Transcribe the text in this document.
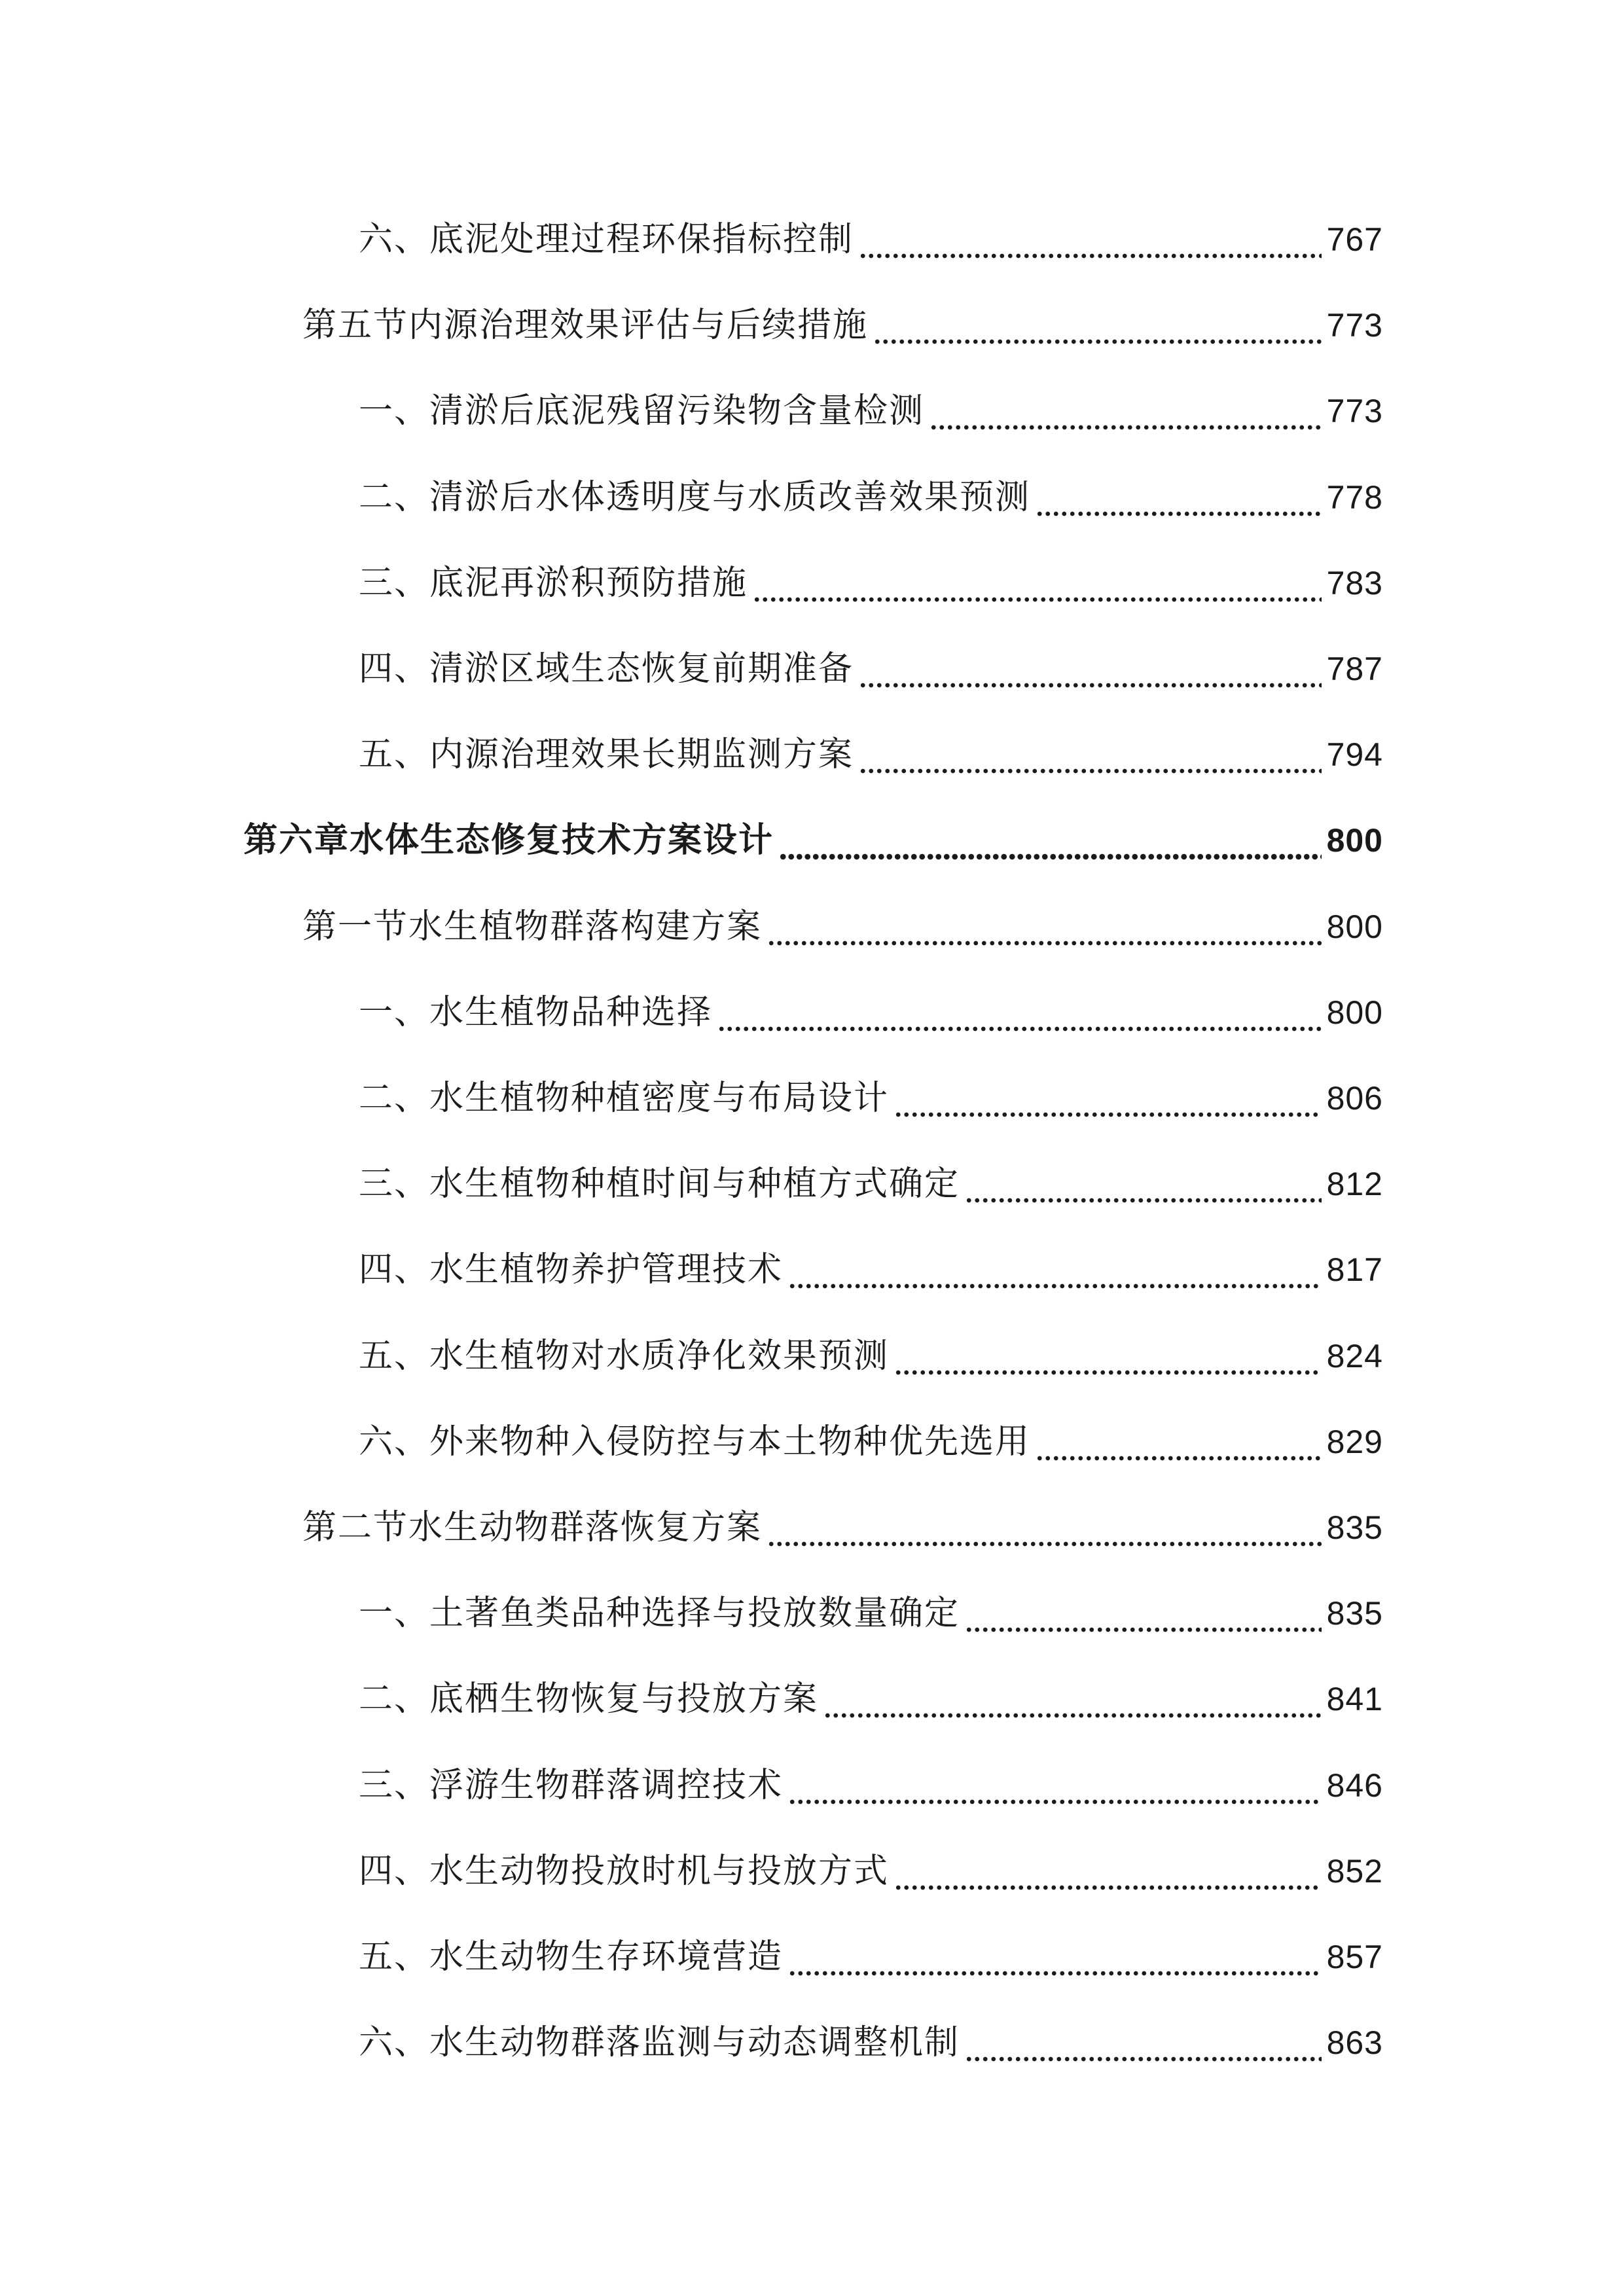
六、底泥处理过程环保指标控制	767
第五节内源治理效果评估与后续措施	773
一、清淤后底泥残留污染物含量检测	773
二、清淤后水体透明度与水质改善效果预测	778
三、底泥再淤积预防措施	783
四、清淤区域生态恢复前期准备	787
五、内源治理效果长期监测方案	794
第六章水体生态修复技术方案设计	800
第一节水生植物群落构建方案	800
一、水生植物品种选择	800
二、水生植物种植密度与布局设计	806
三、水生植物种植时间与种植方式确定	812
四、水生植物养护管理技术	817
五、水生植物对水质净化效果预测	824
六、外来物种入侵防控与本土物种优先选用	829
第二节水生动物群落恢复方案	835
一、土著鱼类品种选择与投放数量确定	835
二、底栖生物恢复与投放方案	841
三、浮游生物群落调控技术	846
四、水生动物投放时机与投放方式	852
五、水生动物生存环境营造	857
六、水生动物群落监测与动态调整机制	863
